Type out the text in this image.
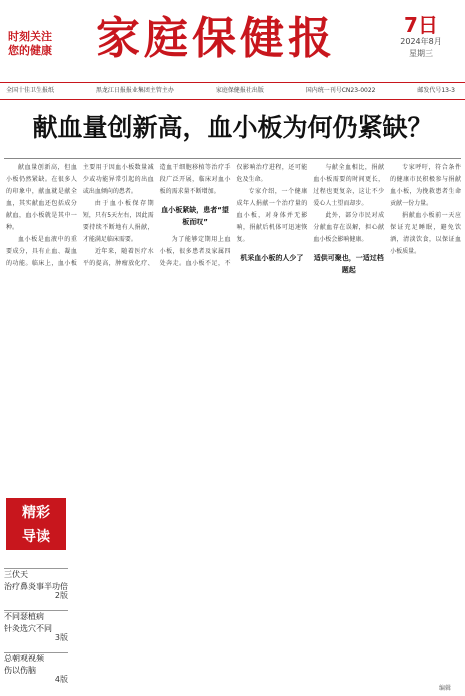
时刻关注
您的健康 家庭保健报	7日
2024年8月
星期三
全国十佳卫生报纸	黑龙江日报报业集团主管主办	家庭保健报社出版	国内统一刊号CN23-0022	邮发代号13-3
献血量创新高，血小板为何仍紧缺？

献血量创新高，但血小板仍然紧缺。在很多人的印象中，献血就是献全血，其实献血还包括成分献血，血小板就是其中一种。

血小板是血液中的重要成分，具有止血、凝血的功能。临床上，血小板主要用于因血小板数量减少或功能异常引起的出血或出血倾向的患者。

由于血小板保存期短，只有5天左右，因此需要持续不断地有人捐献，才能满足临床需要。

近年来，随着医疗水平的提高，肿瘤放化疗、造血干细胞移植等治疗手段广泛开展，临床对血小板的需求量不断增加。

血小板紧缺，患者“望板而叹”

为了能够定期用上血小板，很多患者及家属四处奔走。血小板不足，不仅影响治疗进程，还可能危及生命。

专家介绍，一个健康成年人捐献一个治疗量的血小板，对身体并无影响，捐献后机体可迅速恢复。

机采血小板的人少了

与献全血相比，捐献血小板需要的时间更长，过程也更复杂，这让不少爱心人士望而却步。

此外，部分市民对成分献血存在误解，担心献血小板会影响健康。

适供可聚也，一适过档题起

专家呼吁，符合条件的健康市民积极参与捐献血小板，为挽救患者生命贡献一份力量。

捐献血小板前一天应保证充足睡眠，避免饮酒，清淡饮食，以保证血小板质量。

精彩
导读
三伏天
治疗鼻炎事半功倍
2版
不同瑟植病
针灸选穴不同
3版
总朝观视频
伤以伤脑
4版
编辑
